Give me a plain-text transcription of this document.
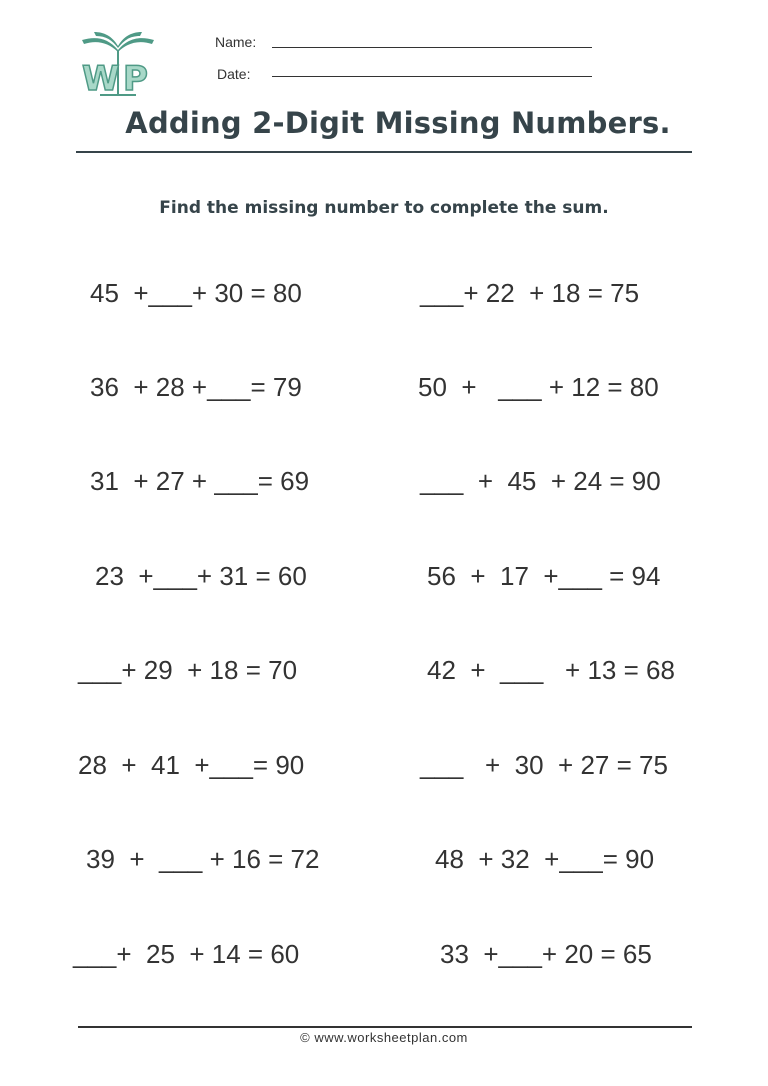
W P
Name:
Date:
Adding 2-Digit Missing Numbers.
Find the missing number to complete the sum.
45  +___+ 30 = 80
36  + 28 +___= 79
31  + 27 + ___= 69
23  +___+ 31 = 60
___+ 29  + 18 = 70
28  +  41  +___= 90
39  +  ___ + 16 = 72
___+  25  + 14 = 60
___+ 22  + 18 = 75
50  +   ___ + 12 = 80
___  +  45  + 24 = 90
56  +  17  +___ = 94
42  +  ___   + 13 = 68
___   +  30  + 27 = 75
48  + 32  +___= 90
33  +___+ 20 = 65
© www.worksheetplan.com
